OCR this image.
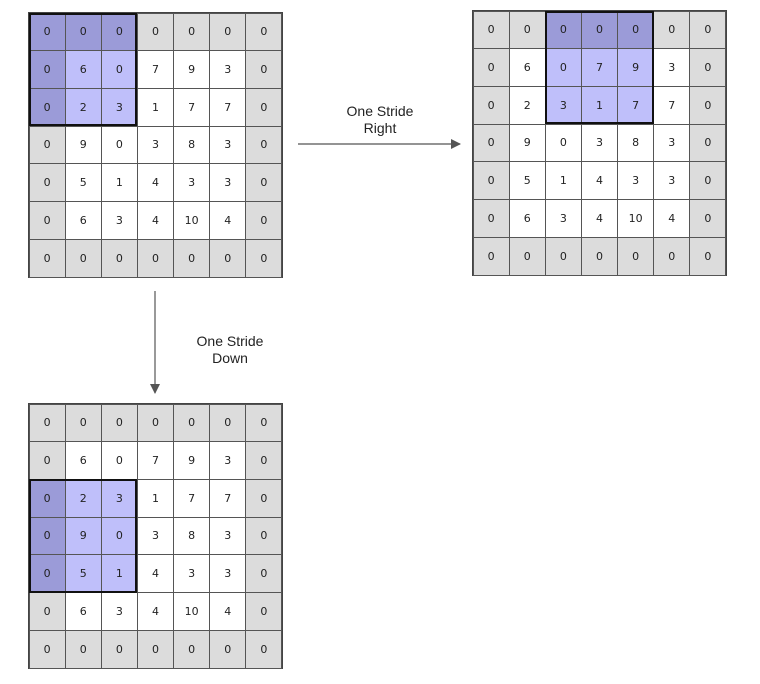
0	0	0	0	0	0	0
0	6	0	7	9	3	0
0	2	3	1	7	7	0
0	9	0	3	8	3	0
0	5	1	4	3	3	0
0	6	3	4	10	4	0
0	0	0	0	0	0	0
0	0	0	0	0	0	0
0	6	0	7	9	3	0
0	2	3	1	7	7	0
0	9	0	3	8	3	0
0	5	1	4	3	3	0
0	6	3	4	10	4	0
0	0	0	0	0	0	0
0	0	0	0	0	0	0
0	6	0	7	9	3	0
0	2	3	1	7	7	0
0	9	0	3	8	3	0
0	5	1	4	3	3	0
0	6	3	4	10	4	0
0	0	0	0	0	0	0
One Stride
Right
One Stride
Down
